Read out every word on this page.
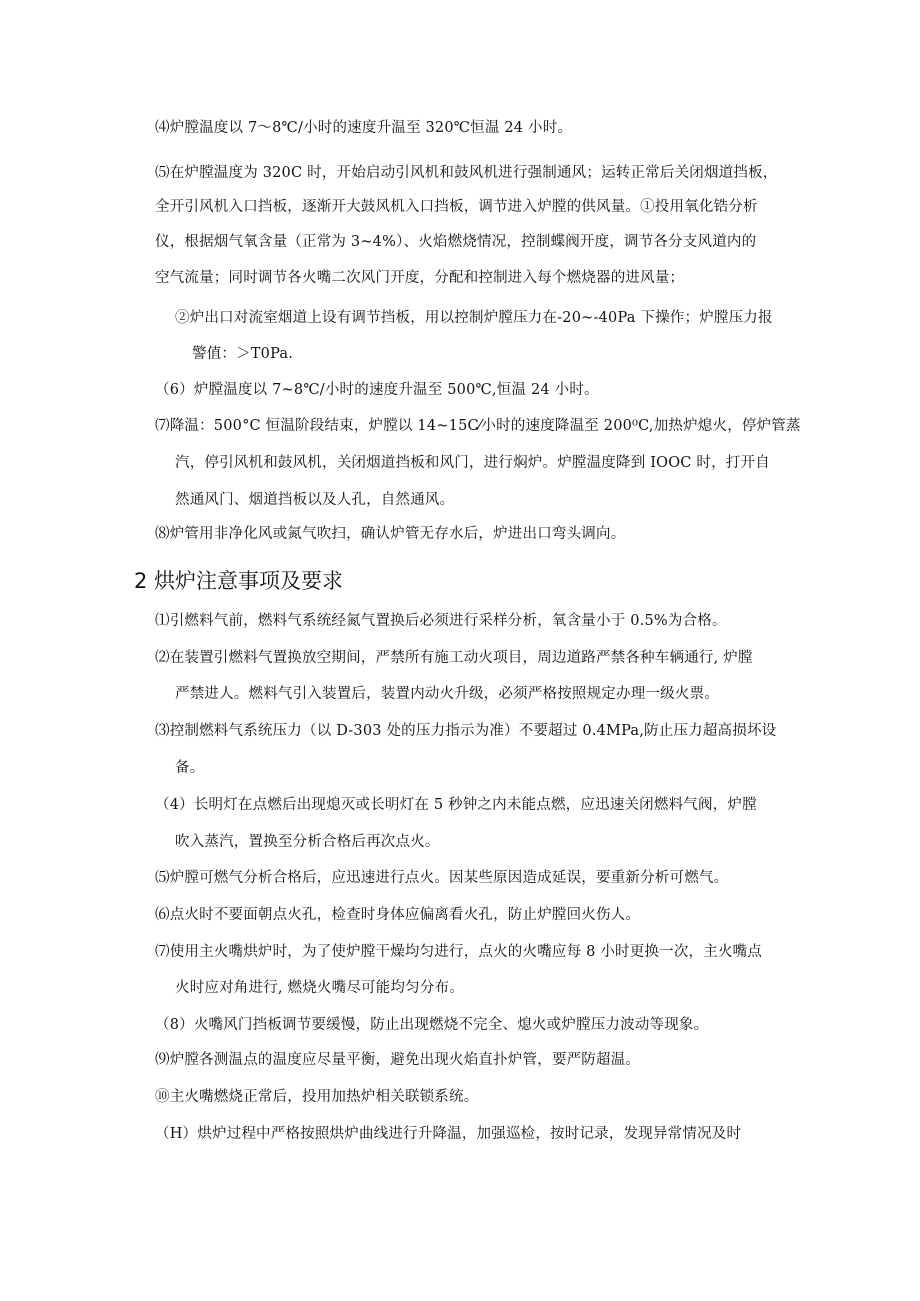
⑷炉膛温度以 7～8℃/小时的速度升温至 320℃恒温 24 小时。
⑸在炉膛温度为 320C 时，开始启动引风机和鼓风机进行强制通风；运转正常后关闭烟道挡板，
全开引风机入口挡板，逐渐开大鼓风机入口挡板，调节进入炉膛的供风量。①投用氧化锆分析
仪，根据烟气氧含量（正常为 3~4%）、火焰燃烧情况，控制蝶阀开度，调节各分支风道内的
空气流量；同时调节各火嘴二次风门开度，分配和控制进入每个燃烧器的进风量；
②炉出口对流室烟道上设有调节挡板，用以控制炉膛压力在-20~-40Pa 下操作；炉膛压力报
警值：＞T0Pa.
（6）炉膛温度以 7~8℃/小时的速度升温至 500℃,恒温 24 小时。
⑺降温：500°C 恒温阶段结束，炉膛以 14~15C⁄小时的速度降温至 200⁰C,加热炉熄火，停炉管蒸
汽，停引风机和鼓风机，关闭烟道挡板和风门，进行焖炉。炉膛温度降到 IOOC 时，打开自
然通风门、烟道挡板以及人孔，自然通风。
⑻炉管用非净化风或氮气吹扫，确认炉管无存水后，炉进出口弯头调向。
2 烘炉注意事项及要求
⑴引燃料气前，燃料气系统经氮气置换后必须进行采样分析，氧含量小于 0.5%为合格。
⑵在装置引燃料气置换放空期间，严禁所有施工动火项目，周边道路严禁各种车辆通行, 炉膛
严禁进人。燃料气引入装置后，装置内动火升级，必须严格按照规定办理一级火票。
⑶控制燃料气系统压力（以 D-303 处的压力指示为准）不要超过 0.4MPa,防止压力超高损坏设
备。
（4）长明灯在点燃后出现熄灭或长明灯在 5 秒钟之内未能点燃，应迅速关闭燃料气阀，炉膛
吹入蒸汽，置换至分析合格后再次点火。
⑸炉膛可燃气分析合格后，应迅速进行点火。因某些原因造成延误，要重新分析可燃气。
⑹点火时不要面朝点火孔，检查时身体应偏离看火孔，防止炉膛回火伤人。
⑺使用主火嘴烘炉时，为了使炉膛干燥均匀进行，点火的火嘴应每 8 小时更换一次，主火嘴点
火时应对角进行, 燃烧火嘴尽可能均匀分布。
（8）火嘴风门挡板调节要缓慢，防止出现燃烧不完全、熄火或炉膛压力波动等现象。
⑼炉膛各测温点的温度应尽量平衡，避免出现火焰直扑炉管，要严防超温。
⑩主火嘴燃烧正常后，投用加热炉相关联锁系统。
（H）烘炉过程中严格按照烘炉曲线进行升降温，加强巡检，按时记录，发现异常情况及时
